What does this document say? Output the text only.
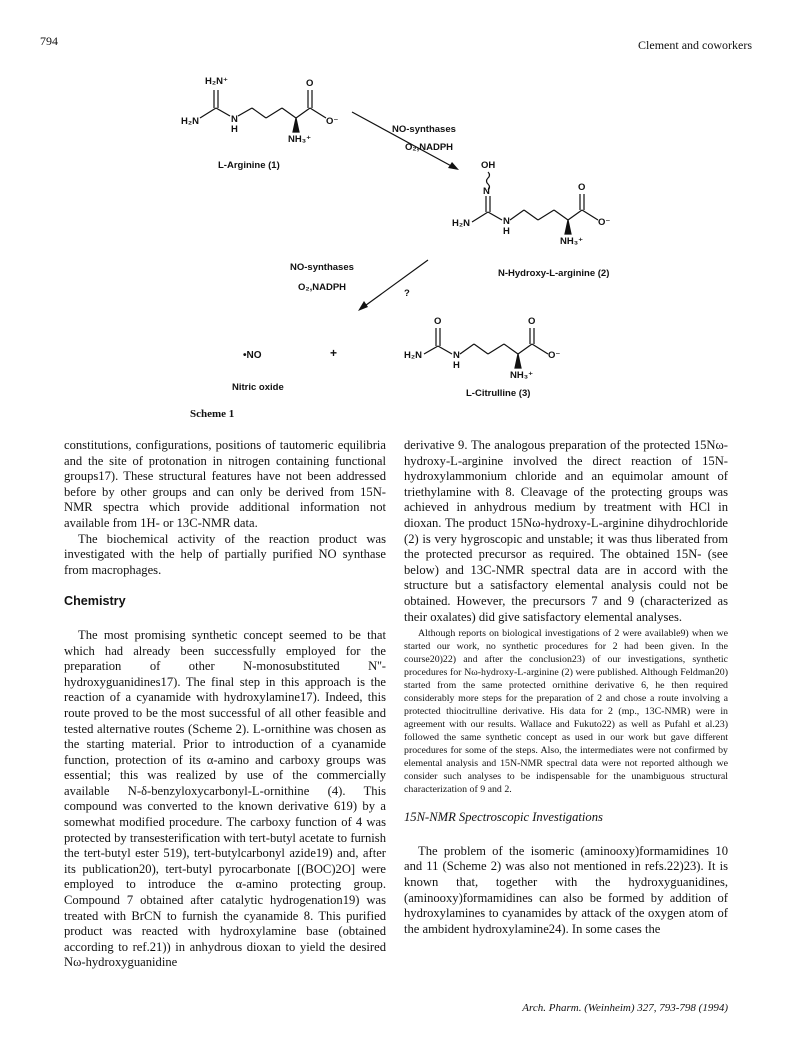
794	Clement and coworkers
H₂N⁺
H₂N	N
H
O
O⁻
NH₃⁺
L-Arginine (1)
NO-synthases
O₂,NADPH
OH
N
H₂N	N
H
O
O⁻
NH₃⁺
N-Hydroxy-L-arginine (2)
NO-synthases
O₂,NADPH
?
•NO	+
Nitric oxide
O
H₂N	N
H
O
O⁻
NH₃⁺
L-Citrulline (3)
Scheme 1

constitutions, configurations, positions of tautomeric equilibria and the site of protonation in nitrogen containing functional groups17). These structural features have not been addressed before by other groups and can only be derived from 15N-NMR spectra which provide additional information not available from 1H- or 13C-NMR data.

The biochemical activity of the reaction product was investigated with the help of partially purified NO synthase from macrophages.

Chemistry

The most promising synthetic concept seemed to be that which had already been successfully employed for the preparation of other N-monosubstituted N''-hydroxyguanidines17). The final step in this approach is the reaction of a cyanamide with hydroxylamine17). Indeed, this route proved to be the most successful of all other feasible and tested alternative routes (Scheme 2). L-ornithine was chosen as the starting material. Prior to introduction of a cyanamide function, protection of its α-amino and carboxy groups was essential; this was realized by use of the commercially available N-δ-benzyloxycarbonyl-L-ornithine (4). This compound was converted to the known derivative 619) by a somewhat modified procedure. The carboxy function of 4 was protected by transesterification with tert-butyl acetate to furnish the tert-butyl ester 519), tert-butylcarbonyl azide19) and, after its publication20), tert-butyl pyrocarbonate [(BOC)2O] were employed to introduce the α-amino protecting group. Compound 7 obtained after catalytic hydrogenation19) was treated with BrCN to furnish the cyanamide 8. This purified product was reacted with hydroxylamine base (obtained according to ref.21)) in anhydrous dioxan to yield the desired Nω-hydroxyguanidine

derivative 9. The analogous preparation of the protected 15Nω-hydroxy-L-arginine involved the direct reaction of 15N-hydroxylammonium chloride and an equimolar amount of triethylamine with 8. Cleavage of the protecting groups was achieved in anhydrous medium by treatment with HCl in dioxan. The product 15Nω-hydroxy-L-arginine dihydrochloride (2) is very hygroscopic and unstable; it was thus liberated from the protected precursor as required. The obtained 15N- (see below) and 13C-NMR spectral data are in accord with the structure but a satisfactory elemental analysis could not be obtained. However, the precursors 7 and 9 (characterized as their oxalates) did give satisfactory elemental analyses.

Although reports on biological investigations of 2 were available9) when we started our work, no synthetic procedures for 2 had been given. In the course20)22) and after the conclusion23) of our investigations, synthetic procedures for Nω-hydroxy-L-arginine (2) were published. Although Feldman20) started from the same protected ornithine derivative 6, he then required considerably more steps for the preparation of 2 and chose a route involving a protected thiocitrulline derivative. His data for 2 (mp., 13C-NMR) were in agreement with our results. Wallace and Fukuto22) as well as Pufahl et al.23) followed the same synthetic concept as used in our work but gave different procedures for some of the steps. Also, the intermediates were not confirmed by elemental analysis and 15N-NMR spectral data were not reported although we consider such analyses to be indispensable for the unambiguous structural characterization of 9 and 2.

15N-NMR Spectroscopic Investigations

The problem of the isomeric (aminooxy)formamidines 10 and 11 (Scheme 2) was also not mentioned in refs.22)23). It is known that, together with the hydroxyguanidines, (aminooxy)formamidines can also be formed by addition of hydroxylamines to cyanamides by attack of the oxygen atom of the ambident hydroxylamine24). In some cases the

Arch. Pharm. (Weinheim) 327, 793-798 (1994)
